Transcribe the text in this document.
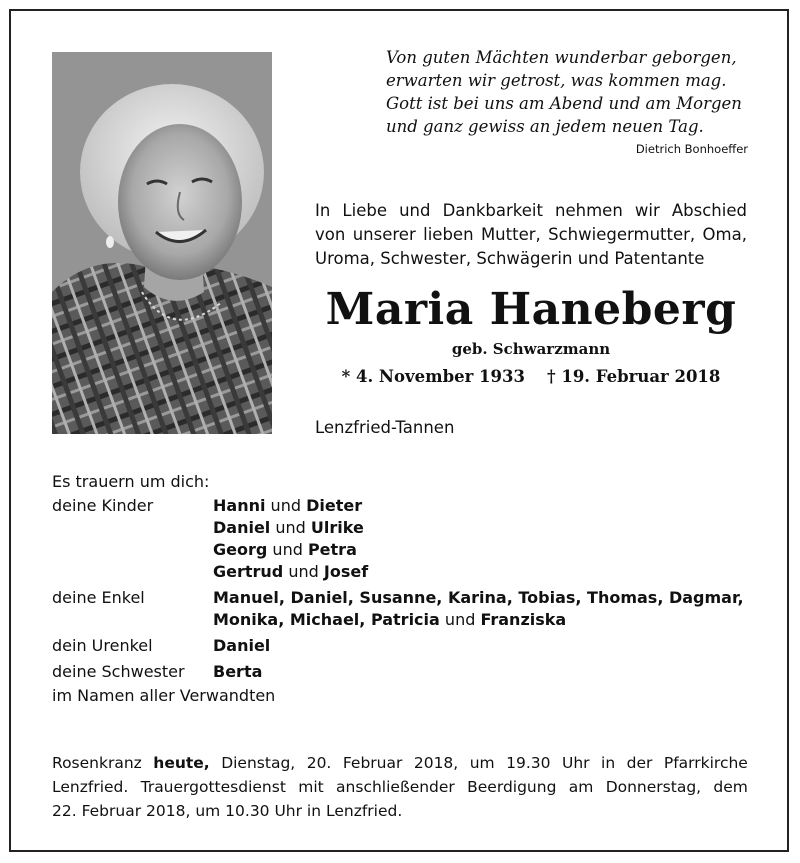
Von guten Mächten wunderbar geborgen,
erwarten wir getrost, was kommen mag.
Gott ist bei uns am Abend und am Morgen
und ganz gewiss an jedem neuen Tag.
Dietrich Bonhoeffer
In Liebe und Dankbarkeit nehmen wir Abschied
von unserer lieben Mutter, Schwiegermutter, Oma,
Uroma, Schwester, Schwägerin und Patentante
Maria Haneberg
geb. Schwarzmann
* 4. November 1933 † 19. Februar 2018
Lenzfried-Tannen
Es trauern um dich:
deine Kinder	Hanni und Dieter
Daniel und Ulrike
Georg und Petra
Gertrud und Josef
deine Enkel	Manuel, Daniel, Susanne, Karina, Tobias, Thomas, Dagmar,
Monika, Michael, Patricia und Franziska
dein Urenkel	Daniel
deine Schwester Berta
im Namen aller Verwandten
Rosenkranz heute, Dienstag, 20. Februar 2018, um 19.30 Uhr in der Pfarrkirche
Lenzfried. Trauergottesdienst mit anschließender Beerdigung am Donnerstag, dem
22. Februar 2018, um 10.30 Uhr in Lenzfried.
